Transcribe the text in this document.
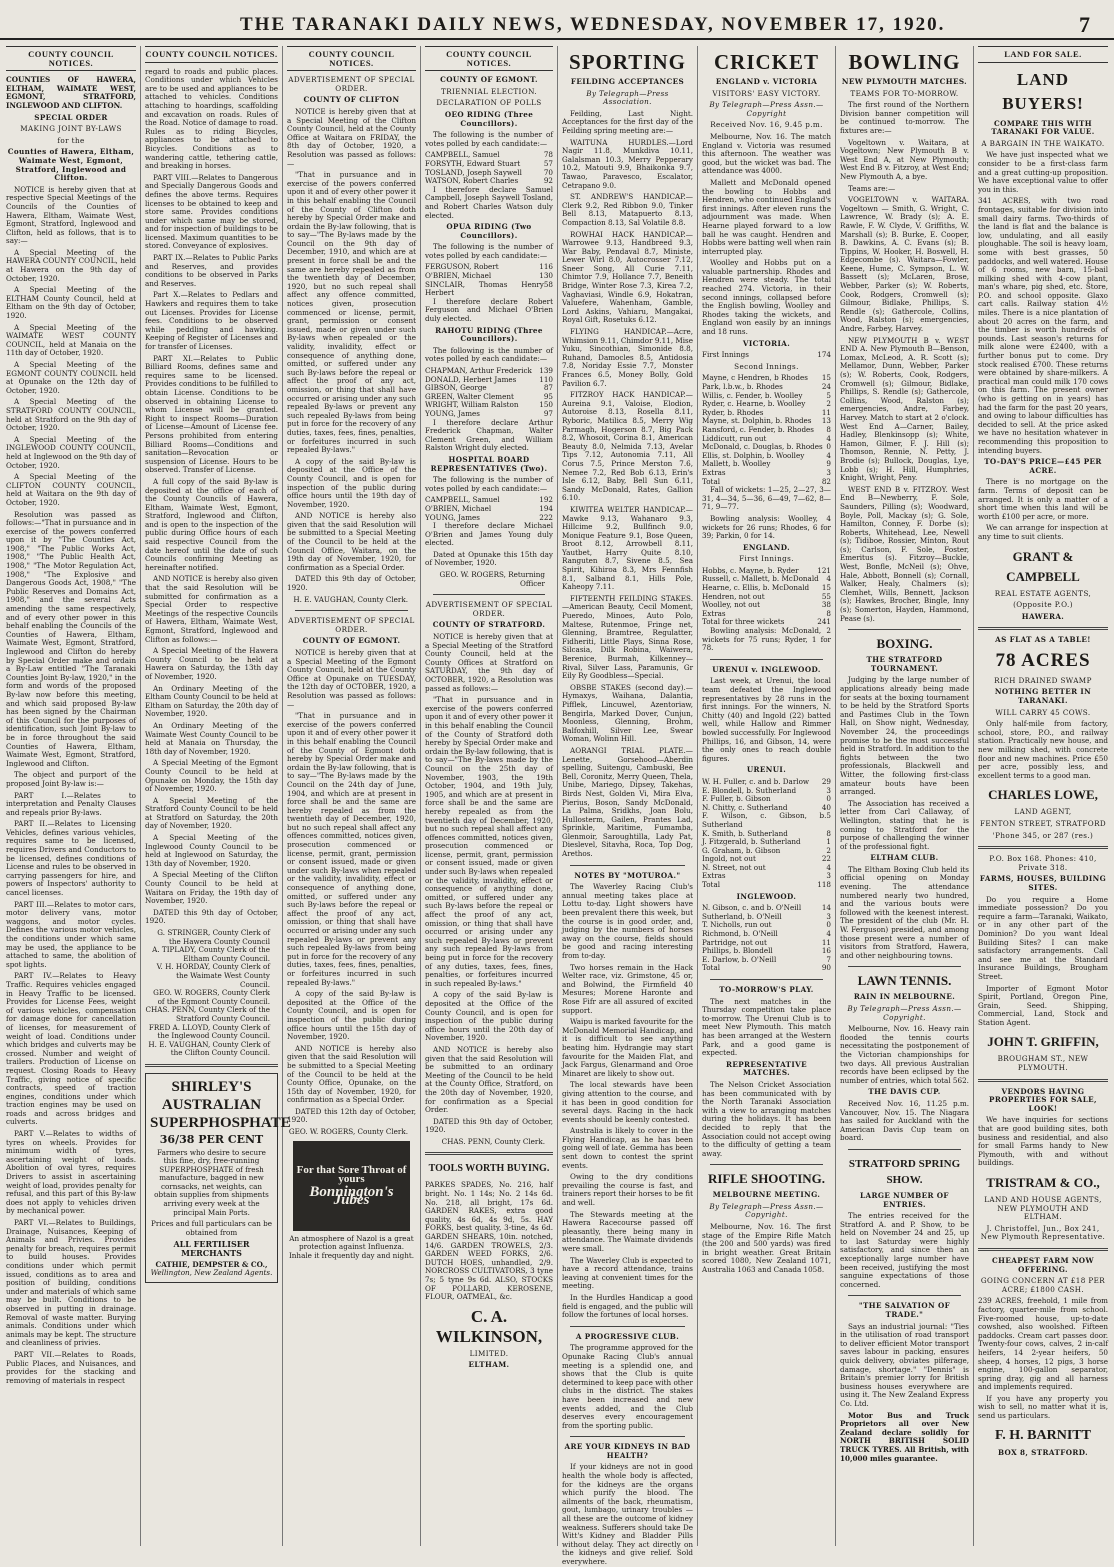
THE TARANAKI DAILY NEWS, WEDNESDAY, NOVEMBER 17, 1920.	7
COUNTY COUNCIL NOTICES.

COUNTIES OF HAWERA, ELTHAM, WAIMATE WEST, EGMONT, STRATFORD, INGLEWOOD AND CLIFTON.

SPECIAL ORDER
MAKING JOINT BY-LAWS
for the
Counties of Hawera, Eltham, Waimate West, Egmont, Stratford, Inglewood and Clifton.

NOTICE is hereby given that at respective Special Meetings of the Councils of the Counties of Hawera, Eltham, Waimate West, Egmont, Stratford, Inglewood and Clifton, held as follows, that is to say:—

A Special Meeting of the HAWERA COUNTY COUNCIL, held at Hawera on the 9th day of October, 1920.

A Special Meeting of the ELTHAM County Council, held at Eltham on the 9th day of October, 1920.

A Special Meeting of the WAIMATE WEST COUNTY COUNCIL, held at Manaia on the 11th day of October, 1920.

A Special Meeting of the EGMONT COUNTY COUNCIL held at Opunake on the 12th day of October, 1920.

A Special Meeting of the STRATFORD COUNTY COUNCIL, held at Stratford on the 9th day of October, 1920.

A Special Meeting of the INGLEWOOD COUNTY COUNCIL, held at Inglewood on the 9th day of October, 1920.

A Special Meeting of the CLIFTON COUNTY COUNCIL, held at Waitara on the 9th day of October, 1920.

Resolution was passed as follows:—"That in pursuance and in exercise of the powers conferred upon it by "The Counties Act, 1908," "The Public Works Act, 1908," "The Public Health Act, 1908," "The Motor Regulation Act, 1908," "The Explosive and Dangerous Goods Act, 1908," "The Public Reserves and Domains Act, 1908," and the several Acts amending the same respectively, and of every other power in this behalf enabling the Councils of the Counties of Hawera, Eltham, Waimate West, Egmont, Stratford, Inglewood and Clifton do hereby by Special Order make and ordain a By-Law entitled "The Taranaki Counties Joint By-law, 1920," in the form and words of the proposed By-law now before this meeting, and which said proposed By-law has been signed by the Chairman of this Council for the purposes of identification, such Joint By-law to be in force throughout the said Counties of Hawera, Eltham, Waimate West, Egmont, Stratford, Inglewood and Clifton.

The object and purport of the proposed Joint By-law is:—

PART I.—Relates to interpretation and Penalty Clauses and repeals prior By-laws.

PART II.—Relates to Licensing Vehicles, defines various vehicles, requires same to be licensed, requires Drivers and Conductors to be licensed, defines conditions of License and rules to be observed in carrying passengers for hire, and powers of Inspectors' authority to cancel licenses.

PART III.—Relates to motor cars, motor delivery vans, motor waggons, and motor cycles. Defines the various motor vehicles, the conditions under which same may be used, the appliance to be attached to same, the abolition of spot lights.

PART IV.—Relates to Heavy Traffic. Requires vehicles engaged in Heavy Traffic to be licensed. Provides for License Fees, weight of various vehicles, compensation for damage done for cancellation of licenses, for measurement of weight of load. Conditions under which bridges and culverts may be crossed. Number and weight of trailers. Production of License on request. Closing Roads to Heavy Traffic, giving notice of specific contracts, speed of traction engines, conditions under which traction engines may be used on roads and across bridges and culverts.

PART V.—Relates to widths of tyres on wheels. Provides for minimum width of tyres, ascertaining weight of loads. Abolition of oval tyres, requires Drivers to assist in ascertaining weight of load, provides penalty for refusal, and this part of this By-law does not apply to vehicles driven by mechanical power.

PART VI.—Relates to Buildings, Drainage, Nuisances, Keeping of Animals and Privies. Provides penalty for breach, requires permit to build houses. Provides conditions under which permit issued, conditions as to area and position of building, conditions under and materials of which same may be built. Conditions to be observed in putting in drainage. Removal of waste matter. Burying animals. Conditions under which animals may be kept. The structure and cleanliness of privies.

PART VII.—Relates to Roads, Public Places, and Nuisances, and provides for the stacking and removing of materials in respect

COUNTY COUNCIL NOTICES.

regard to roads and public places. Conditions under which Vehicles are to be used and appliances to be attached to vehicles. Conditions attaching to hoardings, scaffolding and excavation on roads. Rules of the Road. Notice of damage to road. Rules as to riding Bicycles, appliances to be attached to Bicycles. Conditions as to wandering cattle, tethering cattle, and breaking in horses.

PART VIII.—Relates to Dangerous and Specially Dangerous Goods and defines the above terms. Requires licenses to be obtained to keep and store same. Provides conditions under which same may be stored, and for inspection of buildings to be licensed. Maximum quantities to be stored. Conveyance of explosives.

PART IX.—Relates to Public Parks and Reserves, and provides conditions to be observed in Parks and Reserves.

Part X.—Relates to Pedlars and Hawkers and requires them to take out Licenses. Provides for License fees. Conditions to be observed while peddling and hawking. Keeping of Register of Licenses and for transfer of Licenses.

PART XI.—Relates to Public Billiard Rooms, defines same and requires same to be licensed. Provides conditions to be fulfilled to obtain License. Conditions to be observed in obtaining License to whom License will be granted. Right to inspect Rooms—Duration of License—Amount of License fee. Persons prohibited from entering Billiard Rooms—Conditions and sanitation—Revocation or suspension of License. Hours to be observed. Transfer of License.

A full copy of the said By-law is deposited at the office of each of the County Councils of Hawera, Eltham, Waimate West, Egmont, Stratford, Inglewood and Clifton, and is open to the inspection of the public during Office hours of each said respective Council from the date hereof until the date of such Councils confirming Meeting as hereinafter notified.

AND NOTICE is hereby also given that the said Resolution will be submitted for confirmation as a Special Order to respective Meetings of the respective Councils of Hawera, Eltham, Waimate West, Egmont, Stratford, Inglewood and Clifton as follows:—

A Special Meeting of the Hawera County Council to be held at Hawera on Saturday, the 13th day of November, 1920.

An Ordinary Meeting of the Eltham County Council to be held at Eltham on Saturday, the 20th day of November, 1920.

An Ordinary Meeting of the Waimate West County Council to be held at Manaia on Thursday, the 18th day of November, 1920.

A Special Meeting of the Egmont County Council to be held at Opunake on Monday, the 15th day of November, 1920.

A Special Meeting of the Stratford County Council to be held at Stratford on Saturday, the 20th day of November, 1920.

A Special Meeting of the Inglewood County Council to be held at Inglewood on Saturday, the 13th day of November, 1920.

A Special Meeting of the Clifton County Council to be held at Waitara on Friday, the 19th day of November, 1920.

DATED this 9th day of October, 1920.

G. STRINGER, County Clerk of the Hawera County Council
A. TIPLADY, County Clerk of the Eltham County Council.
V. H. HORDAY, County Clerk of the Waimate West County Council.
GEO. W. ROGERS, County Clerk of the Egmont County Council.
CHAS. PENN, County Clerk of the Stratford County Council.
FRED A. LLOYD, County Clerk of the Inglewood County Council.
H. E. VAUGHAN, County Clerk of the Clifton County Council.
SHIRLEY'S AUSTRALIAN SUPERPHOSPHATE
36/38 PER CENT

Farmers who desire to secure this fine, dry, free-running SUPERPHOSPHATE of fresh manufacture, bagged in new cornsacks, net weights, can obtain supplies from shipments arriving every week at the principal Main Ports.

Prices and full particulars can be obtained from

ALL FERTILISER MERCHANTS
CATHIE, DEMPSTER & CO.,
Wellington, New Zealand Agents.
COUNTY COUNCIL NOTICES.
ADVERTISEMENT OF SPECIAL ORDER.
COUNTY OF CLIFTON

NOTICE is hereby given that at a Special Meeting of the Clifton County Council, held at the County Office at Waitara on FRIDAY, the 8th day of October, 1920, a Resolution was passed as follows:—

"That in pursuance and in exercise of the powers conferred upon it and of every other power it in this behalf enabling the Council of the County of Clifton doth hereby by Special Order make and ordain the By-law following, that is to say—"The By-laws made by the Council on the 9th day of December, 1910, and which are at present in force shall be and the same are hereby repealed as from the twentieth day of December, 1920, but no such repeal shall affect any offence committed, notices given, prosecution commenced or license, permit, grant, permission or consent issued, made or given under such By-laws when repealed or the validity, invalidity, effect or consequence of anything done, omitted, or suffered under any such By-laws before the repeal or affect the proof of any act, omission, or thing that shall have occurred or arising under any such repealed By-laws or prevent any such repealed By-laws from being put in force for the recovery of any duties, taxes, fees, fines, penalties, or forfeitures incurred in such repealed By-laws."

A copy of the said By-law is deposited at the Office of the County Council, and is open for inspection of the public during office hours until the 19th day of November, 1920.

AND NOTICE is hereby also given that the said Resolution will be submitted to a Special Meeting of the Council to be held at the Council Office, Waitara, on the 19th day of November, 1920, for confirmation as a Special Order.

DATED this 9th day of October, 1920.

H. E. VAUGHAN, County Clerk.
ADVERTISEMENT OF SPECIAL ORDER.
COUNTY OF EGMONT.

NOTICE is hereby given that at a Special Meeting of the Egmont County Council, held at the County Office at Opunake on TUESDAY, the 12th day of OCTOBER, 1920, a Resolution was passed as follows:—

"That in pursuance and in exercise of the powers conferred upon it and of every other power it in this behalf enabling the Council of the County of Egmont doth hereby by Special Order make and ordain the By-law following, that is to say—"The By-laws made by the Council on the 24th day of June, 1904, and which are at present in force shall be and the same are hereby repealed as from the twentieth day of December, 1920, but no such repeal shall affect any offences committed, notices given, prosecution commenced or license, permit, grant, permission or consent issued, made or given under such By-laws when repealed or the validity, invalidity, effect or consequence of anything done, omitted, or suffered under any such By-laws before the repeal or affect the proof of any act, omission, or thing that shall have occurred or arising under any such repealed By-laws or prevent any such repealed By-laws from being put in force for the recovery of any duties, taxes, fees, fines, penalties, or forfeitures incurred in such repealed By-laws."

A copy of the said By-law is deposited at the Office of the County Council, and is open for inspection of the public during office hours until the 15th day of November, 1920.

AND NOTICE is hereby also given that the said Resolution will be submitted to a Special Meeting of the Council to be held at the County Office, Opunake, on the 15th day of November, 1920, for confirmation as a Special Order.

DATED this 12th day of October, 1920.

GEO. W. ROGERS, County Clerk.
For that Sore Throat of yours
Bonnington's Jubes

An atmosphere of Nazol is a great protection against Influenza. Inhale it frequently day and night.

COUNTY COUNCIL NOTICES.
COUNTY OF EGMONT.
TRIENNIAL ELECTION.
DECLARATION OF POLLS
OEO RIDING (Three Councillors).

The following is the number of votes polled by each candidate:—

CAMPBELL, Samuel	78
FORSYTH, Edward Stuart	57
TOSLAND, Joseph Saywell	70
WATSON, Robert Charles	92

I therefore declare Samuel Campbell, Joseph Saywell Tosland, and Robert Charles Watson duly elected.

OPUA RIDING (Two Councillors).

The following is the number of votes polled by each candidate:—

FERGUSON, Robert	116
O'BRIEN, Michael	130
SINCLAIR, Thomas Henry Herbert
58

I therefore declare Robert Ferguson and Michael O'Brien duly elected.

RAHOTU RIDING (Three Councillors).

The following is the number of votes polled by each candidate:—

CHAPMAN, Arthur Frederick 139
DONALD, Herbert James	110
GIBSON, George	87
GREEN, Walter Clement	95
WRIGHT, William Ralston	150
YOUNG, James	97

I therefore declare Arthur Frederick Chapman, Walter Clement Green, and William Ralston Wright duly elected.

HOSPITAL BOARD REPRESENTATIVES (Two).

The following is the number of votes polled by each candidate:—

CAMPBELL, Samuel	192
O'BRIEN, Michael	194
YOUNG, James	222

I therefore declare Michael O'Brien and James Young duly elected.

Dated at Opunake this 15th day of November, 1920.

GEO. W. ROGERS, Returning Officer
ADVERTISEMENT OF SPECIAL ORDER.
COUNTY OF STRATFORD.

NOTICE is hereby given that at a Special Meeting of the Stratford County Council, held at the County Offices at Stratford on SATURDAY, the 9th day of OCTOBER, 1920, a Resolution was passed as follows:—

"That in pursuance and in exercise of the powers conferred upon it and of every other power it in this behalf enabling the Council of the County of Stratford doth hereby by Special Order make and ordain the By-law following, that is to say—"The By-laws made by the Council on the 25th day of November, 1903, the 19th October, 1904, and 19th July, 1905, and which are at present in force shall be and the same are hereby repealed as from the twentieth day of December, 1920, but no such repeal shall affect any offences committed, notices given, prosecution commenced or license, permit, grant, permission or consent issued, made or given under such By-laws when repealed or the validity, invalidity, effect or consequence of anything done, omitted, or suffered under any such By-laws before the repeal or affect the proof of any act, omission, or thing that shall have occurred or arising under any such repealed By-laws or prevent any such repealed By-laws from being put in force for the recovery of any duties, taxes, fees, fines, penalties, or forfeitures incurred in such repealed By-laws."

A copy of the said By-law is deposited at the Office of the County Council, and is open for inspection of the public during office hours until the 20th day of November, 1920.

AND NOTICE is hereby also given that the said Resolution will be submitted to an ordinary Meeting of the Council to be held at the County Office, Stratford, on the 20th day of November, 1920, for confirmation as a Special Order.

DATED this 9th day of October, 1920.

CHAS. PENN, County Clerk.
TOOLS WORTH BUYING.

PARKES SPADES, No. 216, half bright. No. 1 14s; No. 2 14s 6d. No. 218, all bright, 17s 6d. GARDEN RAKES, extra good quality, 4s 6d, 4s 9d, 5s. HAY FORKS, best quality, 3-tine, 4s 6d. GARDEN SHEARS, 10in. notched, 14/6. GARDEN TROWELS, 2/3. GARDEN WEED FORKS, 2/6. DUTCH HOES, unhandled, 2/9. NORCROSS CULTIVATORS, 3 tyne 7s; 5 tyne 9s 6d. ALSO, STOCKS OF POLLARD, KEROSENE, FLOUR, OATMEAL, &c.

C. A. WILKINSON,
LIMITED.
ELTHAM.
SPORTING
FEILDING ACCEPTANCES
By Telegraph—Press Association.

Feilding, Last Night. Acceptances for the first day of the Feilding spring meeting are:—

WAITUNA HURDLES.—Lord Nagir 11.8, Munkdiva 10.11, Galalsman 10.3, Merry Pepperary 10.2, Matouti 9.9, Bhaikonka 9.7, Tawao, Paravesco, Escalator, Cetrapano 9.0.

ST. ANDREW'S HANDICAP.—Clerk 9.2, Red Ribbon 9.0, Tinker Bell 8.13, Matapuerto 8.13, Compaction 8.13, Sal Volatile 8.8.

ROWHAI HACK HANDICAP.—Warrowee 9.13, Handbreed 9.3, War Baby, Pendaval 8.7, Ministe, Lewer Wirl 8.0, Autocrosser 7.12, Sneer Song, All Curie 7.11, Chimtor 7.9, Hollance 7.7, Beneith Bridge, Winter Rose 7.3, Kirea 7.2, Vaghaviasi, Windle 6.9, Hokatran, Valuefere, Wahenham, Gamble, Lord Askins, Vahiaru, Mangakai, Royal Gift, Rosetuks 6.12.

FLYING HANDICAP.—Acre, Whimsion 9.11, Chimdor 9.11, Mise Yuku, Sincothian, Simonide 8.8, Ruhand, Damocles 8.5, Antidosia 7.8, Noriday Essie 7.7, Monster Frances 6.5, Money Bolly, Gold Pavilion 6.7.

FITZROY HACK HANDICAP.—Aureina 9.1, Valoise, Elodion, Autoroise 8.13, Rosella 8.11, Ryboric, Matilica 8.5, Merry Wig Parmagh, Hogerson 8.7, Big Pack 8.2, Whosoit, Corina 8.1, American Beauty 8.0, Nelmida 7.13, Avelar Tips 7.12, Autonomia 7.11, All Corus 7.5, Prince Merston 7.6, Nemee 7.2, Red Bob 6.13, Erin's Isle 6.12, Baby, Bell Sun 6.11, Sandy McDonald, Rates, Gallion 6.10.

KIWITEA WELTER HANDICAP.—Mawke 9.13, Wahanaro 9.3, Hillcime 9.2, Bullfinch 9.0, Monique Feature 9.1, Bose Queen, Broot 8.12, Arrowbell 8.11, Yautbet, Harry Quite 8.10, Ranguten 8.7, Sivene 8.5, Sea Spirit, Kihiroa 8.3, Mrs Fennfish 8.1, Salband 8.1, Hills Pole, Kaheopy 7.11.

FIFTEENTH FEILDING STAKES.—American Beauty, Cecil Moment, Pueredo, Minoes, Auto Polo, Maltese, Rutenmoe, Fringe net, Glenning, Bramtree, Regulatter, Fidheriti, Little Plays, Sinna Rose, Silcasia, Dilk Robina, Waiwera, Berenice, Burmah, Kilkenney—Rival, Silver Lass, Paramunis, Gr Eily Ry Goodbless—Special.

OBSBE STAKES (second day).—Hymaxys, Waihana, Dalantia, Pifflek, Lincuwel, Azentoriaw, Bengirla, Marked Dover, Cunjun, Moonless, Glenning, Brohm, Balfoxhill, Silver Lee, Swear Woman, Wolinn Hill.

AORANGI TRIAL PLATE.—Lenette, Gorsehood—Aberdin spelling, Suitengu, Cambuski, Bee Bell, Coronitz, Merry Queen, Thela, Unibe, Mariego, Dipsey, Takehas, Birds Nest, Golden Vi, Mira Elva, Pierius, Boson, Sandy McDonald, La Palma, Sridkhs, Joan Bolu, Hullosterm, Gailen, Prantes Lad, Sprinkle, Maritime, Fumamba, Glenmoir, Saroughtilla, Lady Pat, Dieslevel, Sitavha, Roca, Top Dog, Arethos.

NOTES BY "MOTUROA."

The Waverley Racing Club's annual meeting takes place at Lottu to-day. Light showers have been prevalent there this week, but the course is in good order, and, judging by the numbers of horses away on the course, fields should be good and racing interesting from to-day.

Two horses remain in the Hack Welter race, viz. Grimstone, 45 or, and Bolwind, the Firmfield 40 Mesures; Morene Haronte and Rose Fifr are all assured of excited support.

Waipu is marked favourite for the McDonald Memorial Handicap, and it is difficult to see anything beating him. Hydrangie may start favourite for the Maiden Flat, and Jack Fargus, Glenarmand and Oroe Minaret are likely to show out.

The local stewards have been giving attention to the course, and it has been in good condition for several days. Racing in the hack events should be keenly contested.

Australia is likely to cover in the Flying Handicap, as he has been going well of late. Gemma has been sent down to contest the sprint events.

Owing to the dry conditions prevailing the course is fast, and trainers report their horses to be fit and well.

The Stewards meeting at the Hawera Racecourse passed off pleasantly, there being many in attendance. The Waimate dividends were small.

The Waverley Club is expected to have a record attendance, trains leaving at convenient times for the meeting.

In the Hurdles Handicap a good field is engaged, and the public will follow the fortunes of local horses.

A PROGRESSIVE CLUB.

The programme approved for the Opunake Racing Club's annual meeting is a splendid one, and shows that the Club is quite determined to keep pace with other clubs in the district. The stakes have been increased and new events added, and the Club deserves every encouragement from the sporting public.

ARE YOUR KIDNEYS IN BAD HEALTH?

If your kidneys are not in good health the whole body is affected, for the kidneys are the organs which purify the blood. The ailments of the back, rheumatism, gout, lumbago, urinary troubles — all these are the outcome of kidney weakness. Sufferers should take De Witt's Kidney and Bladder Pills without delay. They act directly on the kidneys and give relief. Sold everywhere.

CRICKET
ENGLAND v. VICTORIA
VISITORS' EASY VICTORY.
By Telegraph—Press Assn.—Copyright
Received Nov. 16, 9.45 p.m.

Melbourne, Nov. 16. The match England v. Victoria was resumed this afternoon. The weather was good, but the wicket was bad. The attendance was 4000.

Mallett and McDonald opened the bowling to Hobbs and Hendren, who continued England's first innings. After eleven runs the adjournment was made. When Hearne played forward to a low ball he was caught. Hendren and Hobbs were batting well when rain interrupted play.

Woolley and Hobbs put on a valuable partnership. Rhodes and Hendren were steady. The total reached 274. Victoria, in their second innings, collapsed before the English bowling, Woolley and Rhodes taking the wickets, and England won easily by an innings and 18 runs.

VICTORIA.
First Innings	174
Second Innings.
Mayne, c Hendren, b Rhodes 15
Park, l.b.w., b. Rhodes	24
Willis, c. Fender, b. Woolley	5
Ryder, c. Hearne, b. Woolley	2
Ryder, b. Rhodes	11
Mayne, st. Dolphin, b. Rhodes 13
Ransford, c. Fender, b. Rhodes 8
Liddicutt, run out	4
McDonald, c. Douglas, b. Rhodes 0
Ellis, st. Dolphin, b. Woolley	4
Mallett, b. Woolley	9
Extras	3
Total	82

Fall of wickets: 1—25, 2—27, 3—31, 4—34, 5—36, 6—49, 7—62, 8—71, 9—77.

Bowling analysis: Woolley, 4 wickets for 26 runs; Rhodes, 6 for 39; Parkin, 0 for 14.

ENGLAND.
First Innings.
Hobbs, c. Mayne, b. Ryder	121
Russell, c. Mallett, b. McDonald 4
Hearne, c. Ellis, b. McDonald 15
Hendren, not out	55
Woolley, not out	38
Extras	8
Total for three wickets	241

Bowling analysis: McDonald, 2 wickets for 75 runs; Ryder, 1 for 78.

URENUI v. INGLEWOOD.

Last week, at Urenui, the local team defeated the Inglewood representatives by 28 runs in the first innings. For the winners, N. Chitty (40) and Ingold (22) batted well, while Hallow and Rimmer bowled successfully. For Inglewood Phillips, 16, and Gibson, 14, were the only ones to reach double figures.

URENUI.
W. H. Fuller, c. and b. Darlow 29
E. Blondell, b. Sutherland	3
F. Fuller, b. Gibson	0
N. Chitty, c. Sutherland	40
F. Wilson, c. Gibson, b. Sutherland
5
K. Smith, b. Sutherland	8
J. Fitzgerald, b. Sutherland	1
G. Graham, b. Gibson	2
Ingold, not out	22
N. Street, not out	4
Extras	3
Total	118
INGLEWOOD.
N. Gibson, c. and b. O'Neill	14
Sutherland, b. O'Neill	3
T. Nicholls, run out	0
Richmond, b. O'Neill	4
Partridge, not out	11
Phillips, b. Blondell	16
E. Darlow, b. O'Neill	7
Total	90
TO-MORROW'S PLAY.

The next matches in the Thursday competition take place to-morrow. The Urenui Club is to meet New Plymouth. This match has been arranged at the Western Park, and a good game is expected.

REPRESENTATIVE MATCHES.

The Nelson Cricket Association has been communicated with by the North Taranaki Association with a view to arranging matches during the holidays. It has been decided to reply that the Association could not accept owing to the difficulty of getting a team away.

RIFLE SHOOTING.
MELBOURNE MEETING.
By Telegraph—Press Assn.—Copyright.

Melbourne, Nov. 16. The first stage of the Empire Rifle Match (the 200 and 500 yards) was fired in bright weather. Great Britain scored 1080, New Zealand 1071, Australia 1063 and Canada 1058.

BOWLING
NEW PLYMOUTH MATCHES.
TEAMS FOR TO-MORROW.

The first round of the Northern Division banner competition will be continued to-morrow. The fixtures are:—

Vogeltown v. Waitara, at Vogeltown; New Plymouth B v. West End A, at New Plymouth; West End B v. Fitzroy, at West End; New Plymouth A, a bye.

Teams are:—

VOGELTOWN v. WAITARA. Vogeltown — Smith, G. Wright, C. Lawrence, W. Brady (s); A. E. Rawle, F. W. Clyde, V. Griffiths, W. Marshall (s); B. Burke, E. Cooper, B. Dawkins, A. C. Evans (s); B. Tippins, W. Hooker, H. Boswell, H. Edgecombe (s). Waitara—Fowler, Keene, Hume, C. Sympson, L. W. Bassett (s); McLaren, Brose, Webber, Parker (s); W. Roberts, Cook, Rodgers, Cromwell (s); Gilmour, Bidlake, Phillips, S. Rendle (s); Gathercole, Collins, Wood, Ralston (s); emergencies, Andre, Farbey, Harvey.

NEW PLYMOUTH B v. WEST END A. New Plymouth B—Benson, Lomax, McLeod, A. R. Scott (s); Mellamor, Dunn, Webber, Parker (s); W. Roberts, Cook, Rodgers, Cromwell (s); Gilmour, Bidlake, Phillips, S. Rendle (s); Gathercole, Collins, Wood, Ralston (s); emergencies, Andre, Farbey, Harvey. Match to start at 2 o'clock. West End A—Carner, Bailey, Hadley, Blenkinsopp (s); White, Hamon, Gilmer, F. J. Hill (s); Thomson, Rennie, N. Petty, J. Brodie (s); Bullock, Douglas, Lye, Lobb (s); H. Hill, Humphries, Knight, Wright, Peny.

WEST END B v. FITZROY. West End B—Newberry, F. Sole, Saunders, Pilling (s); Woodward, Boyle, Poll, Mackay (s); G. Sole, Hamilton, Conney, F. Dorbe (s); Roberts, Whitehead, Lee, Newell (s); Tidiboe, Rossier, Minton, Rout (s); Carlson, F. Sole, Foster, Emeritus (s). Fitzroy—Buckle, West, Bonfle, McNeil (s); Ohve, Hale, Abbott, Bonnell (s); Cornall, Walker, Healy, Chalmers (s); Clemhet, Wills, Bennett, Jackson (s); Hawkes, Brocher, Bingle, Inny (s); Somerton, Hayden, Hammond, Pease (s).

BOXING.
THE STRATFORD TOURNAMENT.

Judging by the large number of applications already being made for seats at the boxing tournament to be held by the Stratford Sports and Pastimes Club in the Town Hall, on Show night, Wednesday, November 24, the proceedings promise to be the most successful held in Stratford. In addition to the fights between the two professionals, Blackwell and Witter, the following first-class amateur bouts have been arranged.

The Association has received a letter from Carl Callaway, of Wellington, stating that he is coming to Stratford for the purpose of challenging the winner of the professional fight.

ELTHAM CLUB.

The Eltham Boxing Club held its official opening on Monday evening. The attendance numbered nearly two hundred, and the various bouts were followed with the keenest interest. The president of the club (Mr. H. W. Ferguson) presided, and among those present were a number of visitors from Stratford, Hawera, and other neighbouring towns.

LAWN TENNIS.
RAIN IN MELBOURNE.
By Telegraph—Press Assn.—Copyright.

Melbourne, Nov. 16. Heavy rain flooded the tennis courts necessitating the postponement of the Victorian championships for two days. All previous Australian records have been eclipsed by the number of entries, which total 562.

THE DAVIS CUP.

Received Nov. 16, 11.25 p.m. Vancouver, Nov. 15. The Niagara has sailed for Auckland with the American Davis Cup team on board.

STRATFORD SPRING SHOW.
LARGE NUMBER OF ENTRIES.

The entries received for the Stratford A. and P. Show, to be held on November 24 and 25, up to last Saturday were highly satisfactory, and since then an exceptionally large number have been received, justifying the most sanguine expectations of those concerned.

"THE SALVATION OF TRADE."

Says an industrial journal: "Ties in the utilisation of road transport to deliver efficient Motor transport saves labour in packing, ensures quick delivery, obviates pilferage, damage, shortage." "Dennis" is Britain's premier lorry for British business houses everywhere are using it. The New Zealand Express Co. Ltd.

Motor Bus and Truck Proprietors all over New Zealand declare solidly for NORTH BRITISH SOLID TRUCK TYRES. All British, with 10,000 miles guarantee.

LAND FOR SALE.
LAND BUYERS!
COMPARE THIS WITH TARANAKI FOR VALUE.
A BARGAIN IN THE WAIKATO.

We have just inspected what we consider to be a first-class farm and a great cutting-up proposition. We have exceptional value to offer you in this.

341 ACRES, with two road frontages, suitable for division into small dairy farms. Two-thirds of the land is flat and the balance is low, undulating, and all easily ploughable. The soil is heavy loam, some with best grasses, 50 paddocks, and well watered. House of 6 rooms, new barn, 15-bail milking shed with 4-cow plant, man's whare, pig shed, etc. Store, P.O. and school opposite. Glaxo cart calls. Railway station 4½ miles. There is a nice plantation of about 20 acres on the farm, and the timber is worth hundreds of pounds. Last season's returns for milk alone were £2400, with a further bonus put to come. Dry stock realised £700. These returns were obtained by share-milkers. A practical man could milk 170 cows on this farm. The present owner (who is getting on in years) has had the farm for the past 20 years, and owing to labour difficulties has decided to sell. At the price asked we have no hesitation whatever in recommending this proposition to intending buyers.

TO-DAY'S PRICE—£45 PER ACRE.

There is no mortgage on the farm. Terms of deposit can be arranged. It is only a matter of a short time when this land will be worth £100 per acre, or more.

We can arrange for inspection at any time to suit clients.

GRANT & CAMPBELL
REAL ESTATE AGENTS,
(Opposite P.O.)
HAWERA.
AS FLAT AS A TABLE!
78 ACRES
RICH DRAINED SWAMP
NOTHING BETTER IN TARANAKI.
WILL CARRY 45 COWS.

Only half-mile from factory, school, store, P.O., and railway station. Practically new house, and new milking shed, with concrete floor and new machines. Price £50 per acre, possibly less, and excellent terms to a good man.

CHARLES LOWE,
LAND AGENT,
FENTON STREET, STRATFORD
'Phone 345, or 287 (res.)
P.O. Box 168. Phones: 410, Private 318.
FARMS, HOUSES, BUILDING SITES.

Do you require a Home immediate possession? Do you require a farm—Taranaki, Waikato, or in any other part of the Dominion? Do you want Ideal Building Sites? I can make satisfactory arrangements. Call and see me at the Standard Insurance Buildings, Brougham Street.

Importer of Egmont Motor Spirit, Portland, Oregon Pine, Grain, Seed. Shipping, Commercial, Land, Stock and Station Agent.

JOHN T. GRIFFIN,
BROUGHAM ST., NEW PLYMOUTH.
VENDORS HAVING PROPERTIES FOR SALE, LOOK!

We have inquiries for sections that are good building sites, both business and residential, and also for small Farms handy to New Plymouth, with and without buildings.

TRISTRAM & CO.,
LAND AND HOUSE AGENTS, NEW PLYMOUTH AND ELTHAM.
J. Christoffel, Jun., Box 241, New Plymouth Representative.
CHEAPEST FARM NOW OFFERING.
GOING CONCERN AT £18 PER ACRE; £1800 CASH.

239 ACRES, freehold, 1 mile from factory, quarter-mile from school. Five-roomed house, up-to-date cowshed, also woolshed. Fifteen paddocks. Cream cart passes door. Twenty-four cows, calves, 2 in-calf heifers, 14 2-year heifers, 50 sheep, 4 horses, 12 pigs, 3 horse engine, 100-gallon separator, spring dray, gig and all harness and implements required.

If you have any property you wish to sell, no matter what it is, send us particulars.

F. H. BARNITT
BOX 8, STRATFORD.
